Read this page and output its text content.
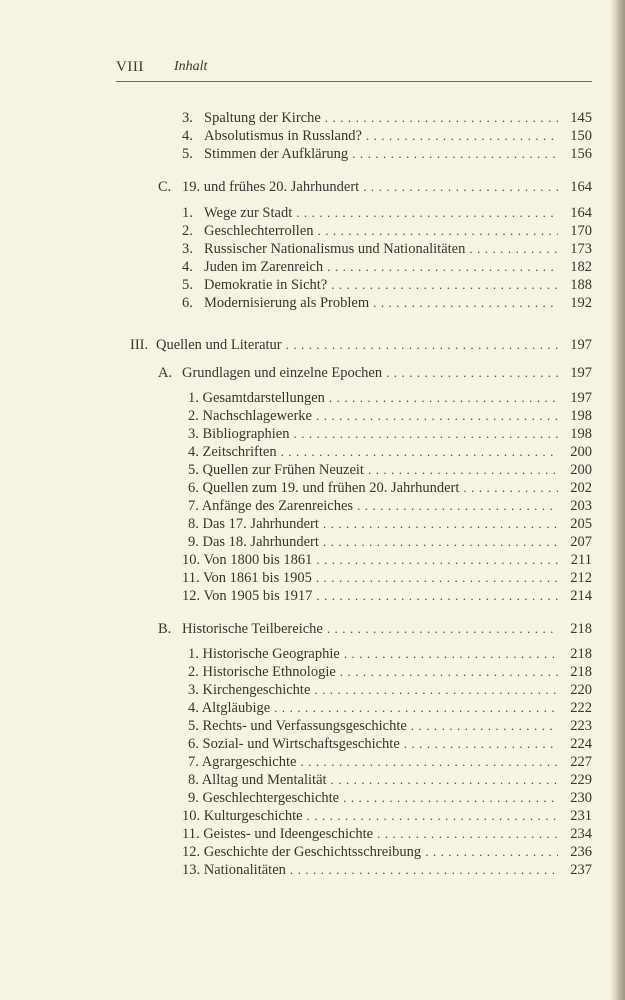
VIII Inhalt
3. Spaltung der Kirche . . .	145
4. Absolutismus in Russland? . . .	150
5. Stimmen der Aufklärung . . .	156
C. 19. und frühes 20. Jahrhundert . . .	164
1. Wege zur Stadt . . .	164
2. Geschlechterrollen . . .	170
3. Russischer Nationalismus und Nationalitäten . . .	173
4. Juden im Zarenreich . . .	182
5. Demokratie in Sicht? . . .	188
6. Modernisierung als Problem . . .	192
III. Quellen und Literatur . . .	197
A. Grundlagen und einzelne Epochen . . .	197
1. Gesamtdarstellungen . . .	197
2. Nachschlagewerke . . .	198
3. Bibliographien . . .	198
4. Zeitschriften . . .	200
5. Quellen zur Frühen Neuzeit . . .	200
6. Quellen zum 19. und frühen 20. Jahrhundert . . .	202
7. Anfänge des Zarenreiches . . .	203
8. Das 17. Jahrhundert . . .	205
9. Das 18. Jahrhundert . . .	207
10. Von 1800 bis 1861 . . .	211
11. Von 1861 bis 1905 . . .	212
12. Von 1905 bis 1917 . . .	214
B. Historische Teilbereiche . . .	218
1. Historische Geographie . . .	218
2. Historische Ethnologie . . .	218
3. Kirchengeschichte . . .	220
4. Altgläubige . . .	222
5. Rechts- und Verfassungsgeschichte . . .	223
6. Sozial- und Wirtschaftsgeschichte . . .	224
7. Agrargeschichte . . .	227
8. Alltag und Mentalität . . .	229
9. Geschlechtergeschichte . . .	230
10. Kulturgeschichte . . .	231
11. Geistes- und Ideengeschichte . . .	234
12. Geschichte der Geschichtsschreibung . . .	236
13. Nationalitäten . . .	237
